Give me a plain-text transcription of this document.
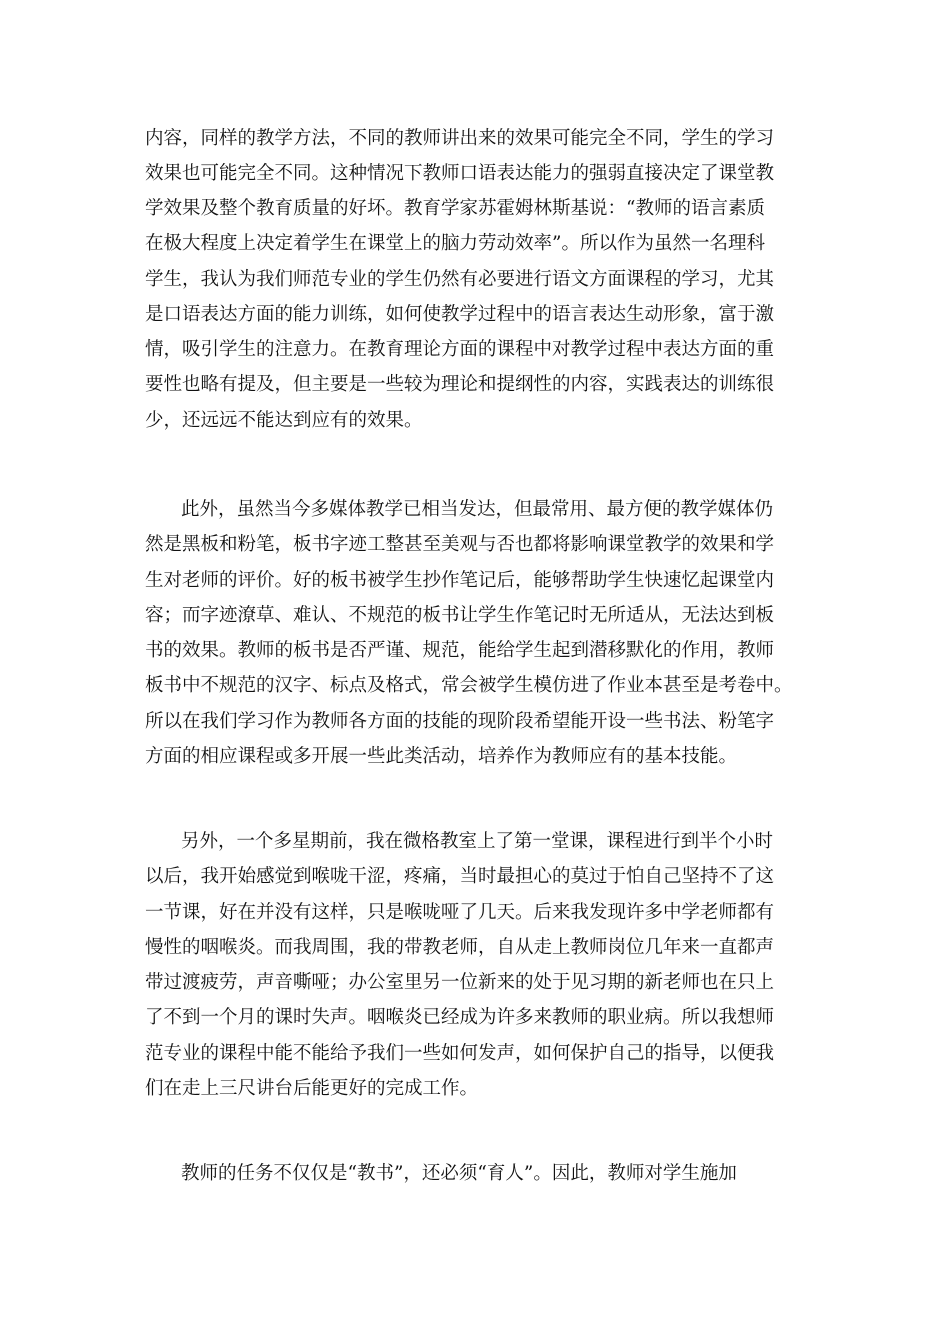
内容，同样的教学方法，不同的教师讲出来的效果可能完全不同，学生的学习
效果也可能完全不同。这种情况下教师口语表达能力的强弱直接决定了课堂教
学效果及整个教育质量的好坏。教育学家苏霍姆林斯基说：“教师的语言素质
在极大程度上决定着学生在课堂上的脑力劳动效率”。所以作为虽然一名理科
学生，我认为我们师范专业的学生仍然有必要进行语文方面课程的学习，尤其
是口语表达方面的能力训练，如何使教学过程中的语言表达生动形象，富于激
情，吸引学生的注意力。在教育理论方面的课程中对教学过程中表达方面的重
要性也略有提及，但主要是一些较为理论和提纲性的内容，实践表达的训练很
少，还远远不能达到应有的效果。
此外，虽然当今多媒体教学已相当发达，但最常用、最方便的教学媒体仍
然是黑板和粉笔，板书字迹工整甚至美观与否也都将影响课堂教学的效果和学
生对老师的评价。好的板书被学生抄作笔记后，能够帮助学生快速忆起课堂内
容；而字迹潦草、难认、不规范的板书让学生作笔记时无所适从，无法达到板
书的效果。教师的板书是否严谨、规范，能给学生起到潜移默化的作用，教师
板书中不规范的汉字、标点及格式，常会被学生模仿进了作业本甚至是考卷中。
所以在我们学习作为教师各方面的技能的现阶段希望能开设一些书法、粉笔字
方面的相应课程或多开展一些此类活动，培养作为教师应有的基本技能。
另外，一个多星期前，我在微格教室上了第一堂课，课程进行到半个小时
以后，我开始感觉到喉咙干涩，疼痛，当时最担心的莫过于怕自己坚持不了这
一节课，好在并没有这样，只是喉咙哑了几天。后来我发现许多中学老师都有
慢性的咽喉炎。而我周围，我的带教老师，自从走上教师岗位几年来一直都声
带过渡疲劳，声音嘶哑；办公室里另一位新来的处于见习期的新老师也在只上
了不到一个月的课时失声。咽喉炎已经成为许多来教师的职业病。所以我想师
范专业的课程中能不能给予我们一些如何发声，如何保护自己的指导，以便我
们在走上三尺讲台后能更好的完成工作。
教师的任务不仅仅是“教书”，还必须“育人”。因此，教师对学生施加
